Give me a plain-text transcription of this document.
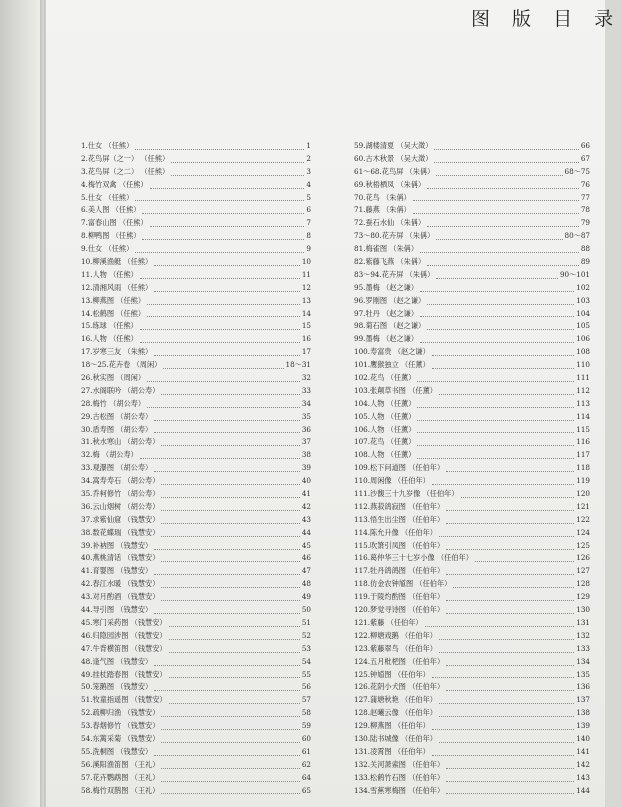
图 版 目 录
1. 仕女 （任熊）	1
2. 花鸟屏（之一） （任熊）	2
3. 花鸟屏（之二） （任熊）	3
4. 梅竹双禽 （任熊）	4
5. 仕女 （任熊）	5
6. 美人图 （任熊）	6
7. 富春山图 （任熊）	7
8. 柳鸭图 （任熊）	8
9. 仕女 （任熊）	9
10. 柳溪渔艇 （任熊）	10
11. 人物 （任熊）	11
12. 清湘风雨 （任熊）	12
13. 柳燕图 （任熊）	13
14. 松鹤图 （任熊）	14
15. 练球 （任熊）	15
16. 人物 （任熊）	16
17. 岁寒三友 （朱熊）	17
18～25. 花卉卷 （周闲）	18～31
26. 秋实图 （周闲）	32
27. 水阁联吟 （胡公寿）	33
28. 梅竹 （胡公寿）	34
29. 古松图 （胡公寿）	35
30. 盾寿图 （胡公寿）	36
31. 秋水寒山 （胡公寿）	37
32. 梅 （胡公寿）	38
33. 观瀑图 （胡公寿）	39
34. 嵩寿寿石 （胡公寿）	40
35. 乔柯修竹 （胡公寿）	41
36. 云山烟树 （胡公寿）	42
37. 求紫仙窟 （钱慧安）	43
38. 数花蝶瑞 （钱慧安）	44
39. 补衲图 （钱慧安）	45
40. 燕桃清话 （钱慧安）	46
41. 育婴图 （钱慧安）	47
42. 春江水暖 （钱慧安）	48
43. 对月酌酒 （钱慧安）	49
44. 导引图 （钱慧安）	50
45. 寒门采药图 （钱慧安）	51
46. 归隐园涉图 （钱慧安）	52
47. 牛背横笛图 （钱慧安）	53
48. 逢气图 （钱慧安）	54
49. 挂杖踏春图 （钱慧安）	55
50. 笼鹅图 （钱慧安）	56
51. 牧童指遥图 （钱慧安）	57
52. 疏柳归渔 （钱慧安）	58
53. 春烟修竹 （钱慧安）	59
54. 东篱采菊 （钱慧安）	60
55. 洗桐图 （钱慧安）	61
56. 溪阳渔笛图 （王礼）	62
57. 花卉鹦鹉图 （王礼）	64
58. 梅竹双鹊图 （王礼）	65
59. 湖楼清夏 （吴大澂）	66
60. 古木秋景 （吴大澂）	67
61～68. 花鸟屏 （朱偁）	68～75
69. 秋梧栖凤 （朱偁）	76
70. 花鸟 （朱偁）	77
71. 藤燕 （朱偁）	78
72. 蚕石水仙 （朱偁）	79
73～80. 花卉屏 （朱偁）	80～87
81. 梅雀图 （朱偁）	88
82. 紫藤飞燕 （朱偁）	89
83～94. 花卉屏 （朱偁）	90～101
95. 墨梅 （赵之谦）	102
96. 罗刚图 （赵之谦）	103
97. 牡丹 （赵之谦）	104
98. 菊石图 （赵之谦）	105
99. 墨梅 （赵之谦）	106
100. 寿富贵 （赵之谦）	108
101. 鹰猴独立 （任薰）	110
102. 花鸟 （任薰）	111
103. 张颠草书图 （任薰）	112
104. 人物 （任薰）	113
105. 人物 （任薰）	114
106. 人物 （任薰）	115
107. 花鸟 （任薰）	116
108. 人物 （任薰）	117
109. 松下问道图 （任伯年）	118
110. 周闲像 （任伯年）	119
111. 沙馥三十九岁像 （任伯年）	120
112. 燕菽鸽寂图 （任伯年）	121
113. 悟生出尘图 （任伯年）	122
114. 陈允升像 （任伯年）	124
115. 吹箫引凤图 （任伯年）	125
116. 葛仲华三十七岁小像 （任伯年）	126
117. 牡丹鸽鸽图 （任伯年）	127
118. 仿金农钟馗图 （任伯年）	128
119. 于陵灼酌图 （任伯年）	129
120. 梦觉寻诗图 （任伯年）	130
121. 紫藤 （任伯年）	131
122. 柳塘戏鹅 （任伯年）	132
123. 紫藤翠鸟 （任伯年）	133
124. 五月枇杷图 （任伯年）	134
125. 钟馗图 （任伯年）	135
126. 花阴小犬图 （任伯年）	136
127. 蒲塘秋艳 （任伯年）	137
128. 赵曦云像 （任伯年）	138
129. 柳燕图 （任伯年）	139
130. 陆书城像 （任伯年）	140
131. 凌霄图 （任伯年）	141
132. 关河萧索图 （任伯年）	142
133. 松鹤竹石图 （任伯年）	143
134. 雪蕉寒梅图 （任伯年）	144
